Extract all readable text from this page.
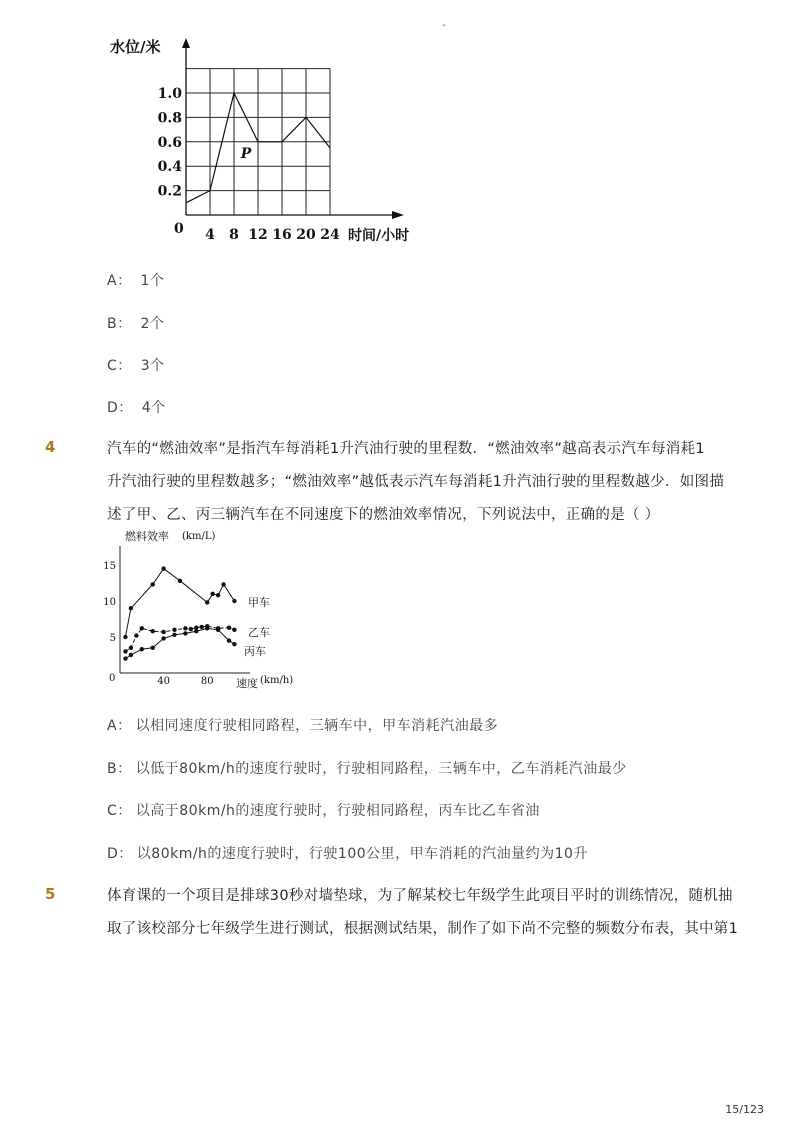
-
水位/米
时间/小时
0 4 8 12 16 20 24
0.2
0.4
0.6
0.8
1.0
P
A： 1个
B： 2个
C： 3个
D： 4个
4	汽车的“燃油效率”是指汽车每消耗1升汽油行驶的里程数．“燃油效率”越高表示汽车每消耗1
升汽油行驶的里程数越多；“燃油效率”越低表示汽车每消耗1升汽油行驶的里程数越少．如图描
述了甲、乙、丙三辆汽车在不同速度下的燃油效率情况，下列说法中，正确的是（ ）
燃料效率 (km/L)
速度 (km/h)
0	40	80
5
10
15
甲车
乙车
丙车
A： 以相同速度行驶相同路程，三辆车中，甲车消耗汽油最多
B： 以低于80km/h的速度行驶时，行驶相同路程，三辆车中，乙车消耗汽油最少
C： 以高于80km/h的速度行驶时，行驶相同路程，丙车比乙车省油
D： 以80km/h的速度行驶时，行驶100公里，甲车消耗的汽油量约为10升
5	体育课的一个项目是排球30秒对墙垫球，为了解某校七年级学生此项目平时的训练情况，随机抽
取了该校部分七年级学生进行测试，根据测试结果，制作了如下尚不完整的频数分布表，其中第1
15/123
